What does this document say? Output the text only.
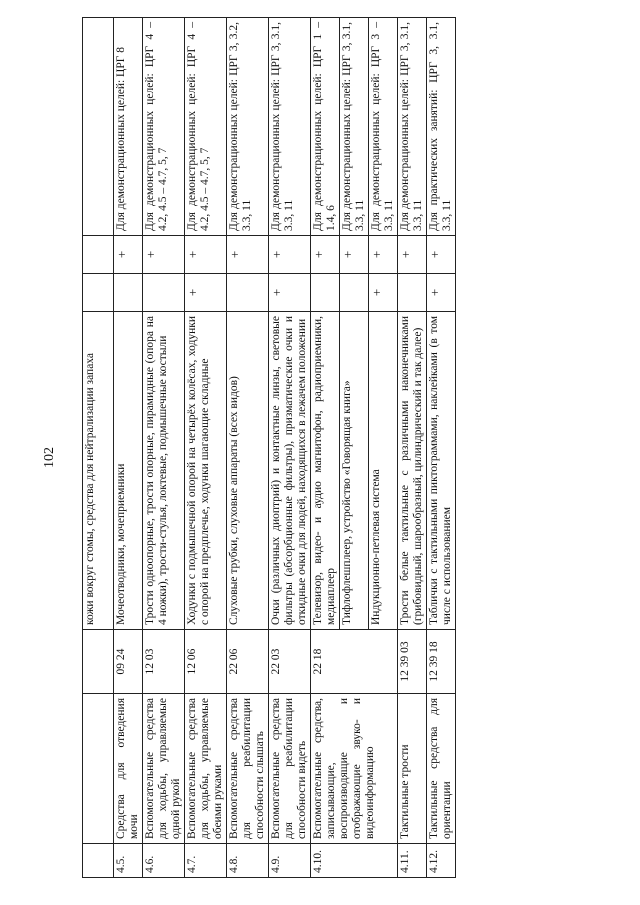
102
			кожи вокруг стомы, средства для нейтрализации запаха			
4.5.	Средства для отведения мочи	09 24	Мочеотводники, мочеприемники		+	Для демонстрационных целей: ЦРГ 8
4.6.	Вспомогательные средства для ходьбы, управляемые одной рукой	12 03	Трости одноопорные, трости опорные, пирамидные (опора на 4 ножки), трости-стулья, локтевые, подмышечные костыли		+	Для демонстрационных целей: ЦРГ 4 – 4.2, 4.5 – 4.7, 5, 7
4.7.	Вспомогательные средства для ходьбы, управляемые обеими руками	12 06	Ходунки с подмышечной опорой на четырёх колёсах, ходунки с опорой на предплечье, ходунки шагающие складные	+	+	Для демонстрационных целей: ЦРГ 4 – 4.2, 4.5 – 4.7, 5, 7
4.8.	Вспомогательные средства для реабилитации способности слышать	22 06	Слуховые трубки, слуховые аппараты (всех видов)		+	Для демонстрационных целей: ЦРГ 3, 3.2, 3.3, 11
4.9.	Вспомогательные средства для реабилитации способности видеть	22 03	Очки (различных диоптрий) и контактные линзы, световые фильтры (абсорбционные фильтры), призматические очки и откидные очки для людей, находящихся в лежачем положении	+	+	Для демонстрационных целей: ЦРГ 3, 3.1, 3.3, 11
4.10.	Вспомогательные средства, записывающие, воспроизводящие и отображающие звуко- и видеоинформацию	22 18	Телевизор, видео- и аудио магнитофон, радиоприемники, медиаплеер		+	Для демонстрационных целей: ЦРГ 1 – 1.4, 6
			Тифлофлешплеер, устройство «Говорящая книга»		+	Для демонстрационных целей: ЦРГ 3, 3.1, 3.3, 11
			Индукционно-петлевая система	+	+	Для демонстрационных целей: ЦРГ 3 – 3.3, 11
4.11.	Тактильные трости	12 39 03	Трости белые тактильные с различными наконечниками (грибовидный, шарообразный, цилиндрический и так далее)		+	Для демонстрационных целей: ЦРГ 3, 3.1, 3.3, 11
4.12.	Тактильные средства для ориентации	12 39 18	Таблички с тактильными пиктограммами, наклейками (в том числе с использованием	+	+	Для практических занятий: ЦРГ 3, 3.1, 3.3, 11
